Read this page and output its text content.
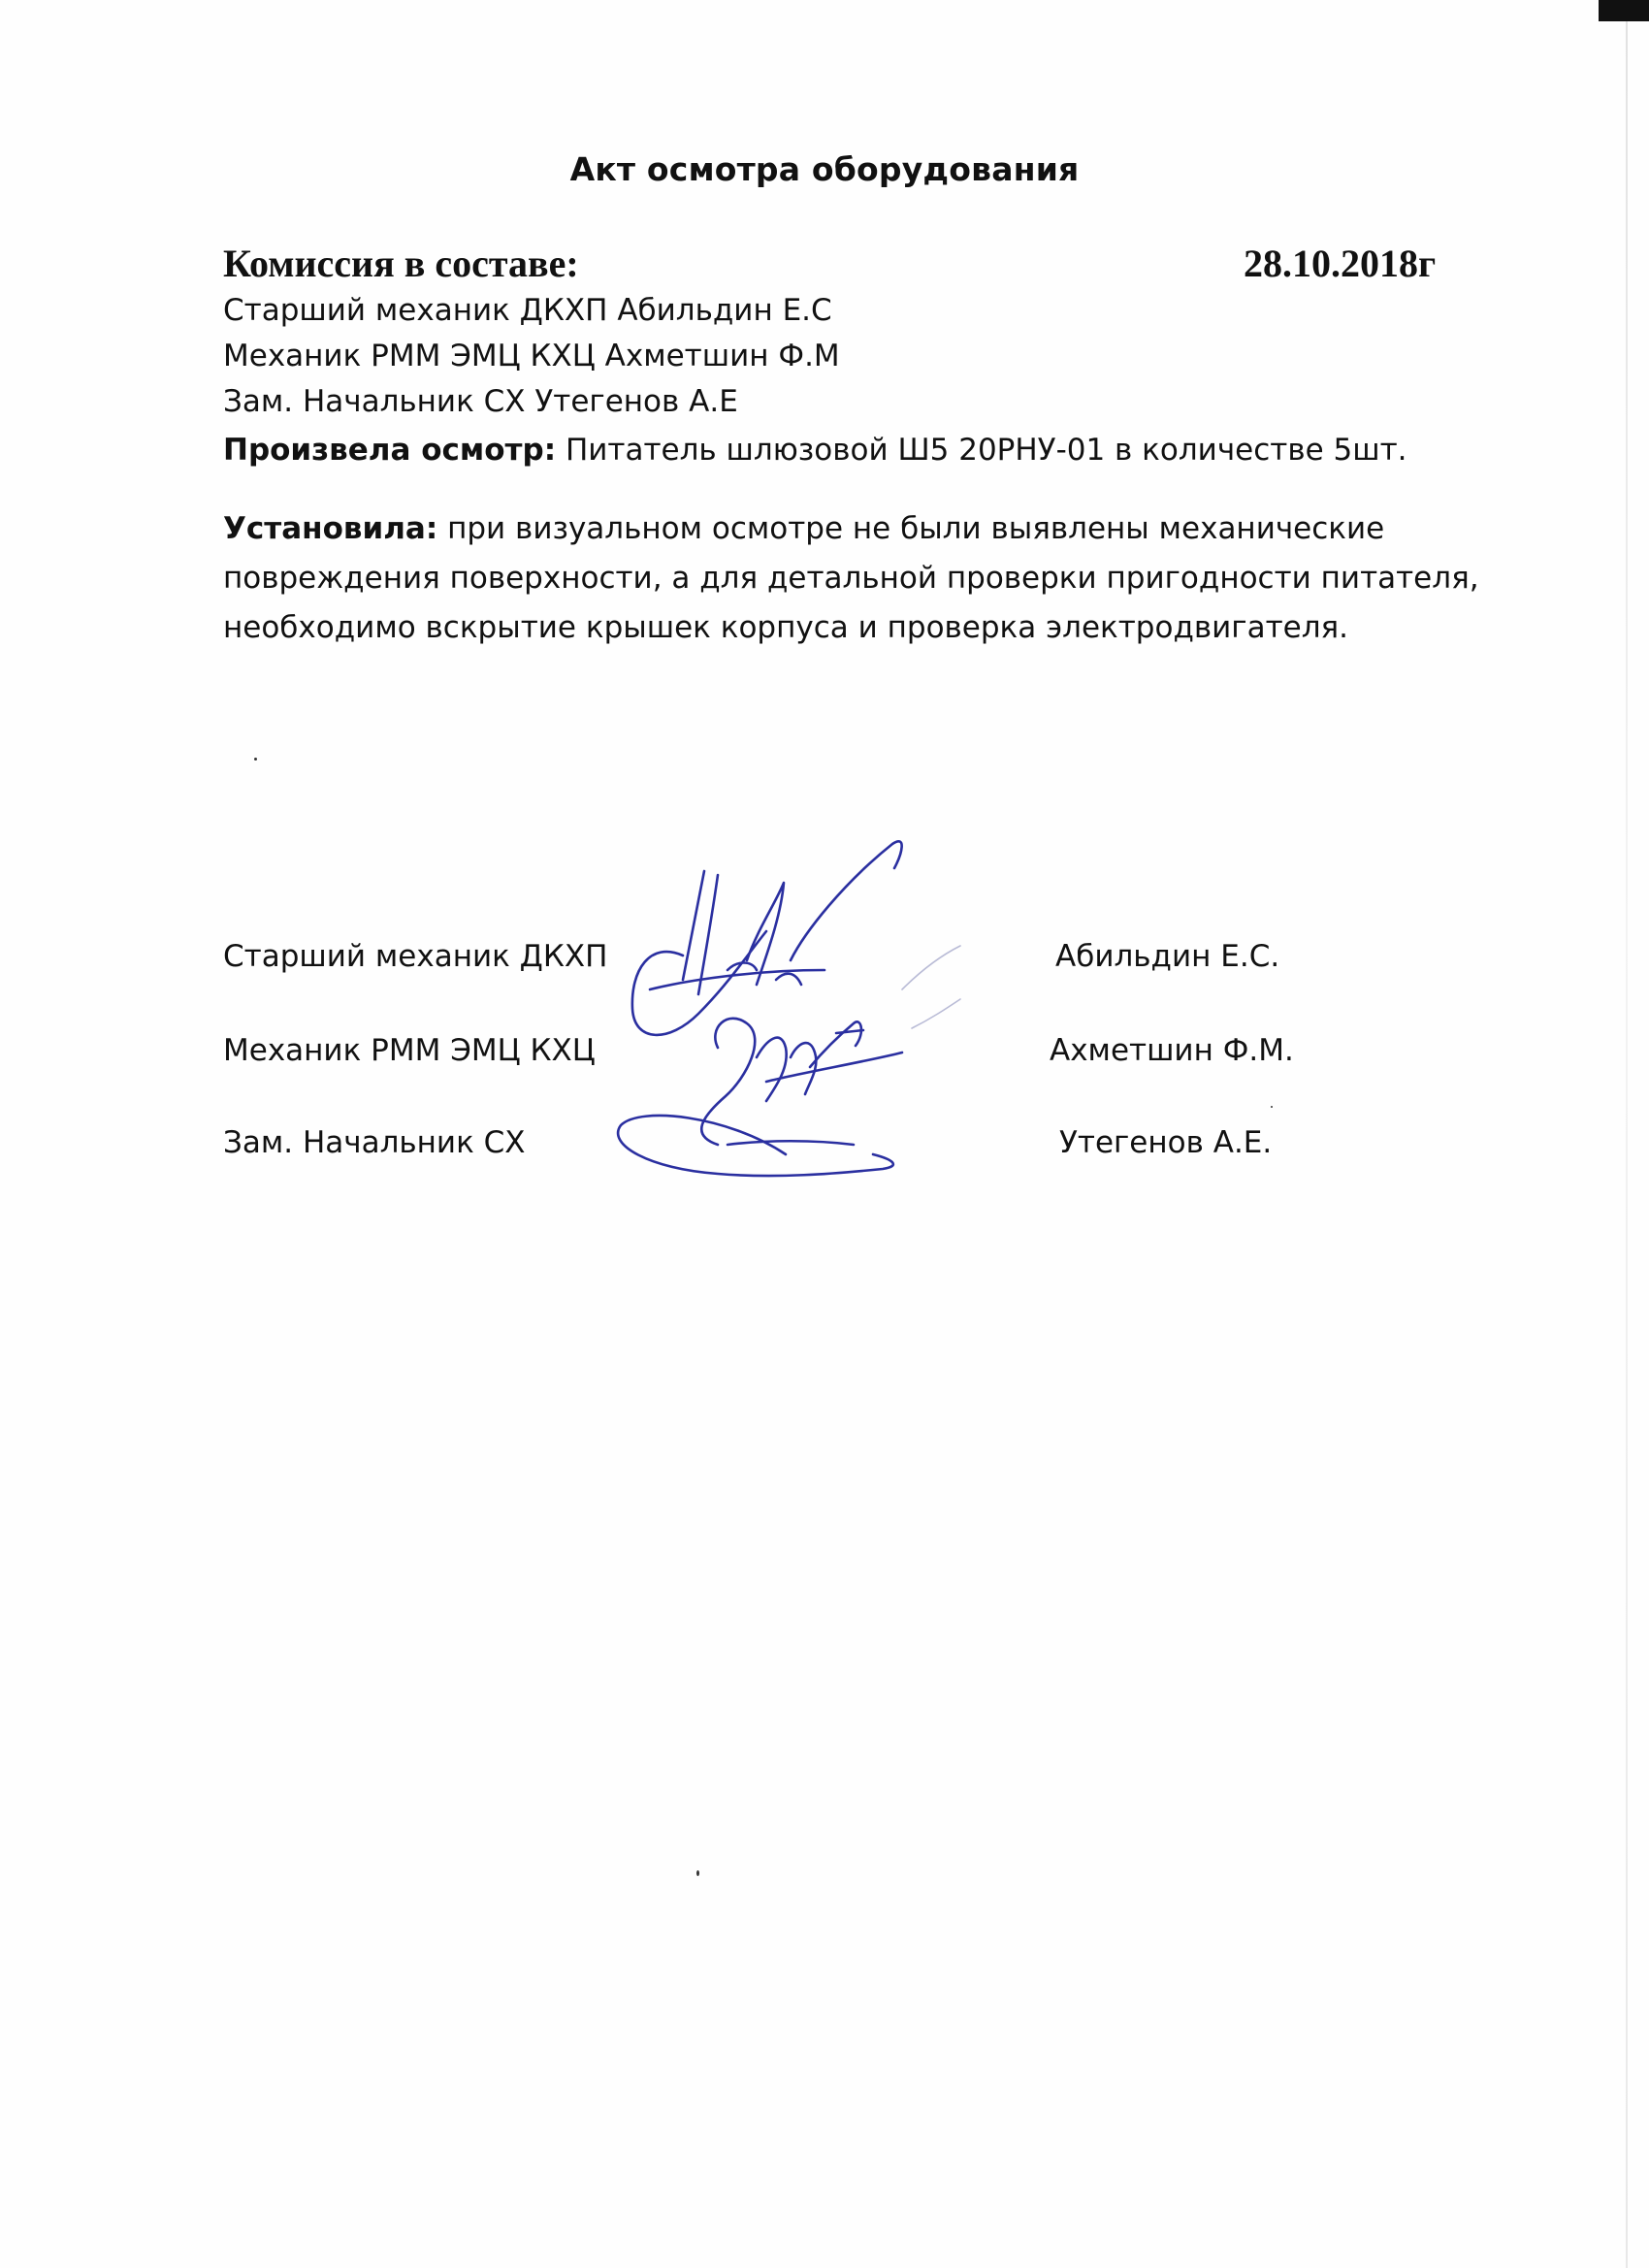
Акт осмотра оборудования
Комиссия в составе:	28.10.2018г
Старший механик ДКХП Абильдин Е.С
Механик РММ ЭМЦ КХЦ Ахметшин Ф.М
Зам. Начальник СХ Утегенов А.Е
Произвела осмотр: Питатель шлюзовой Ш5 20РНУ-01 в количестве 5шт.
Установила: при визуальном осмотре не были выявлены механические повреждения поверхности, а для детальной проверки пригодности питателя, необходимо вскрытие крышек корпуса и проверка электродвигателя.
Старший механик ДКХП	Абильдин Е.С.
Механик РММ ЭМЦ КХЦ	Ахметшин Ф.М.
Зам. Начальник СХ	Утегенов А.Е.
